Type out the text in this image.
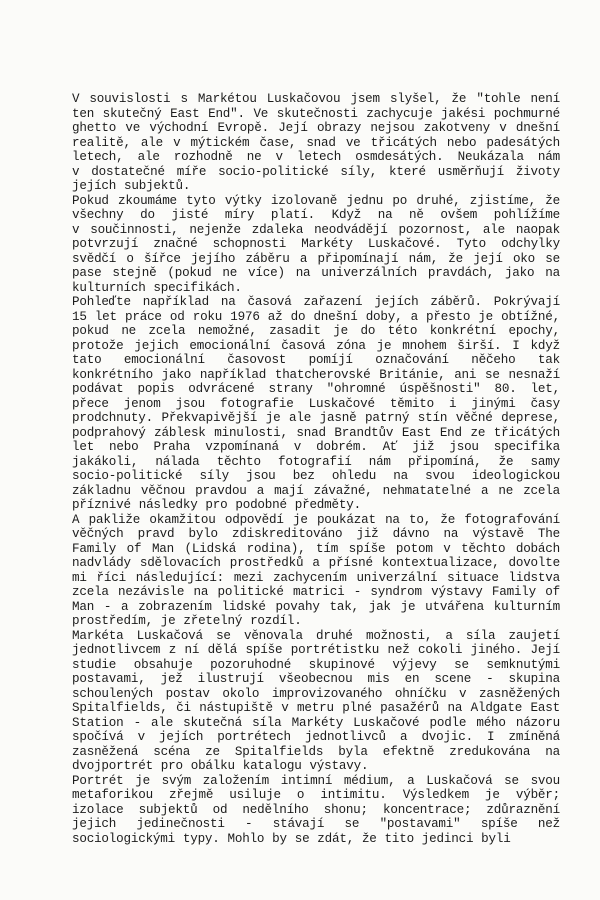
V souvislosti s Markétou Luskačovou jsem slyšel, že "tohle není
ten skutečný East End". Ve skutečnosti zachycuje jakési pochmurné
ghetto ve východní Evropě. Její obrazy nejsou zakotveny v dnešní
realitě, ale v mýtickém čase, snad ve třicátých nebo padesátých
letech, ale rozhodně ne v letech osmdesátých. Neukázala nám
v dostatečné míře socio-politické síly, které usměrňují životy
jejích subjektů.
Pokud zkoumáme tyto výtky izolovaně jednu po druhé, zjistíme, že
všechny do jisté míry platí. Když na ně ovšem pohlížíme
v součinnosti, nejenže zdaleka neodvádějí pozornost, ale naopak
potvrzují značné schopnosti Markéty Luskačové. Tyto odchylky
svědčí o šířce jejího záběru a připomínají nám, že její oko se
pase stejně (pokud ne více) na univerzálních pravdách, jako na
kulturních specifikách.
Pohleďte například na časová zařazení jejích záběrů. Pokrývají
15 let práce od roku 1976 až do dnešní doby, a přesto je obtížné,
pokud ne zcela nemožné, zasadit je do této konkrétní epochy,
protože jejich emocionální časová zóna je mnohem širší. I když
tato emocionální časovost pomíjí označování něčeho tak
konkrétního jako například thatcherovské Británie, ani se nesnaží
podávat popis odvrácené strany "ohromné úspěšnosti" 80. let,
přece jenom jsou fotografie Luskačové těmito i jinými časy
prodchnuty. Překvapivější je ale jasně patrný stín věčné deprese,
podprahový záblesk minulosti, snad Brandtův East End ze třicátých
let nebo Praha vzpomínaná v dobrém. Ať již jsou specifika
jakákoli, nálada těchto fotografií nám připomíná, že samy
socio-politické síly jsou bez ohledu na svou ideologickou
základnu věčnou pravdou a mají závažné, nehmatatelné a ne zcela
příznivé následky pro podobné předměty.
A pakliže okamžitou odpovědí je poukázat na to, že fotografování
věčných pravd bylo zdiskreditováno již dávno na výstavě The
Family of Man (Lidská rodina), tím spíše potom v těchto dobách
nadvlády sdělovacích prostředků a přísné kontextualizace, dovolte
mi říci následující: mezi zachycením univerzální situace lidstva
zcela nezávisle na politické matrici - syndrom výstavy Family of
Man - a zobrazením lidské povahy tak, jak je utvářena kulturním
prostředím, je zřetelný rozdíl.
Markéta Luskačová se věnovala druhé možnosti, a síla zaujetí
jednotlivcem z ní dělá spíše portrétistku než cokoli jiného. Její
studie obsahuje pozoruhodné skupinové výjevy se semknutými
postavami, jež ilustrují všeobecnou mis en scene - skupina
schoulených postav okolo improvizovaného ohníčku v zasněžených
Spitalfields, či nástupiště v metru plné pasažérů na Aldgate East
Station - ale skutečná síla Markéty Luskačové podle mého názoru
spočívá v jejích portrétech jednotlivců a dvojic. I zmíněná
zasněžená scéna ze Spitalfields byla efektně zredukována na
dvojportrét pro obálku katalogu výstavy.
Portrét je svým založením intimní médium, a Luskačová se svou
metaforikou zřejmě usiluje o intimitu. Výsledkem je výběr;
izolace subjektů od nedělního shonu; koncentrace; zdůraznění
jejich jedinečnosti - stávají se "postavami" spíše než
sociologickými typy. Mohlo by se zdát, že tito jedinci byli
